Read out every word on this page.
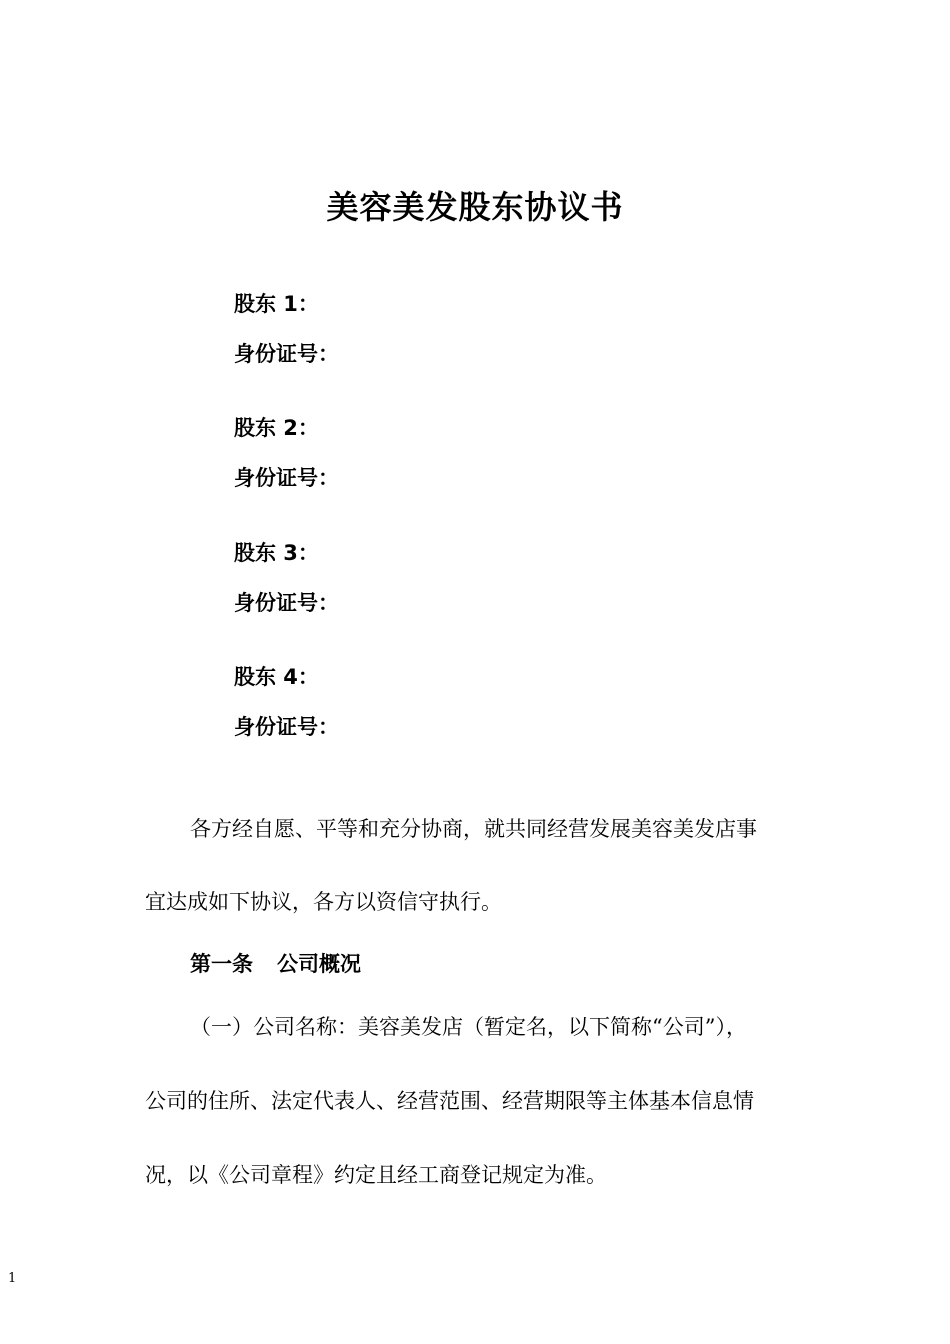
美容美发股东协议书
股东 1：
身份证号：
股东 2：
身份证号：
股东 3：
身份证号：
股东 4：
身份证号：
各方经自愿、平等和充分协商，就共同经营发展美容美发店事
宜达成如下协议，各方以资信守执行。
第一条 公司概况
（一）公司名称：美容美发店（暂定名，以下简称“公司”），
公司的住所、法定代表人、经营范围、经营期限等主体基本信息情
况，以《公司章程》约定且经工商登记规定为准。
1
